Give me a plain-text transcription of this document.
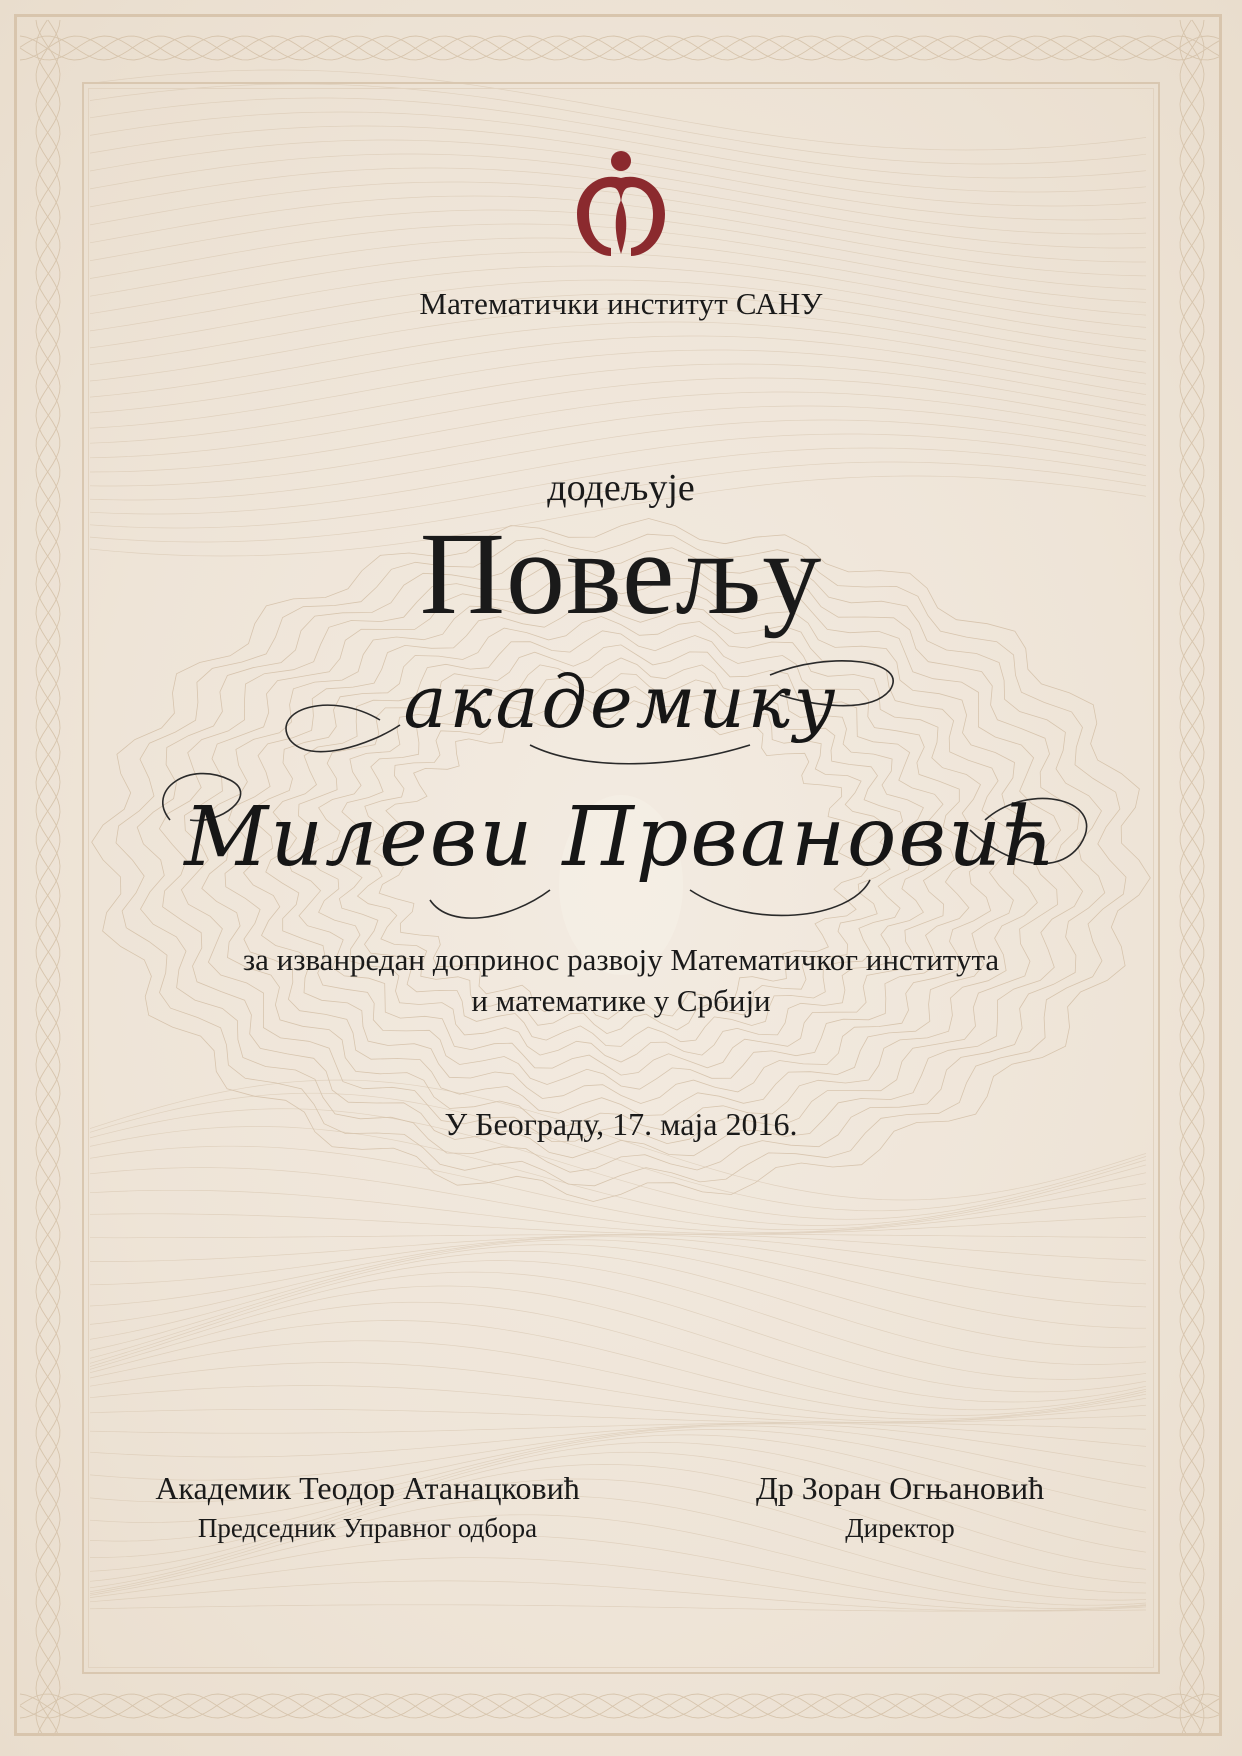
Математички институт САНУ
додељује
Повељу
академику
Милеви Првановић
за изванредан допринос развоју Математичког института
и математике у Србији
У Београду, 17. маја 2016.
Академик Теодор Атанацковић
Председник Управног одбора
Др Зоран Огњановић
Директор
